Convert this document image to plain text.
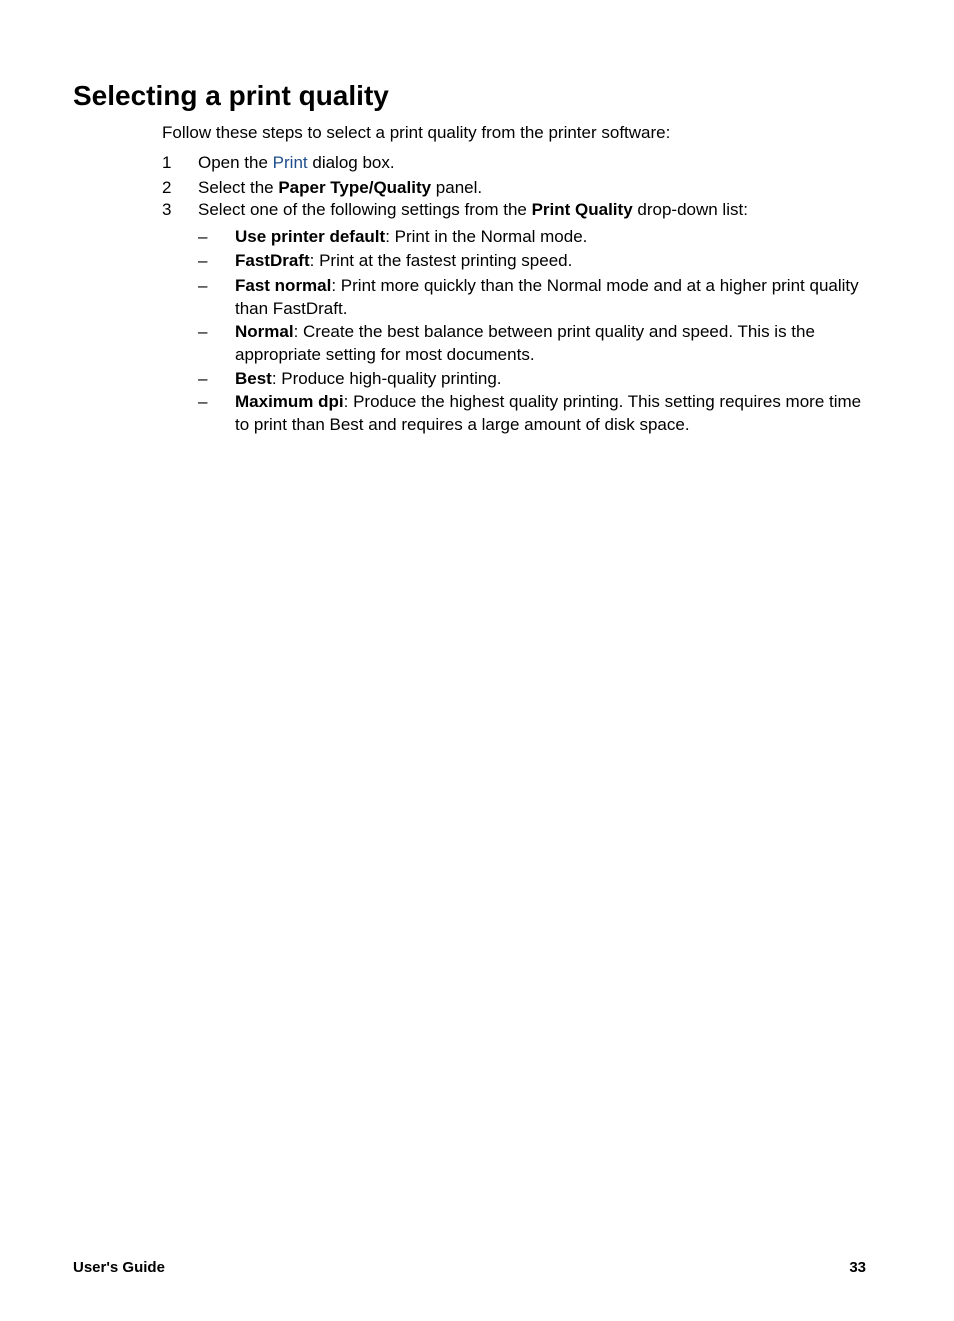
Selecting a print quality
Follow these steps to select a print quality from the printer software:
1 Open the Print dialog box.
2 Select the Paper Type/Quality panel.
3 Select one of the following settings from the Print Quality drop-down list:
– Use printer default: Print in the Normal mode.
– FastDraft: Print at the fastest printing speed.
– Fast normal: Print more quickly than the Normal mode and at a higher print quality than FastDraft.
– Normal: Create the best balance between print quality and speed. This is the appropriate setting for most documents.
– Best: Produce high-quality printing.
– Maximum dpi: Produce the highest quality printing. This setting requires more time to print than Best and requires a large amount of disk space.
User's Guide	33
